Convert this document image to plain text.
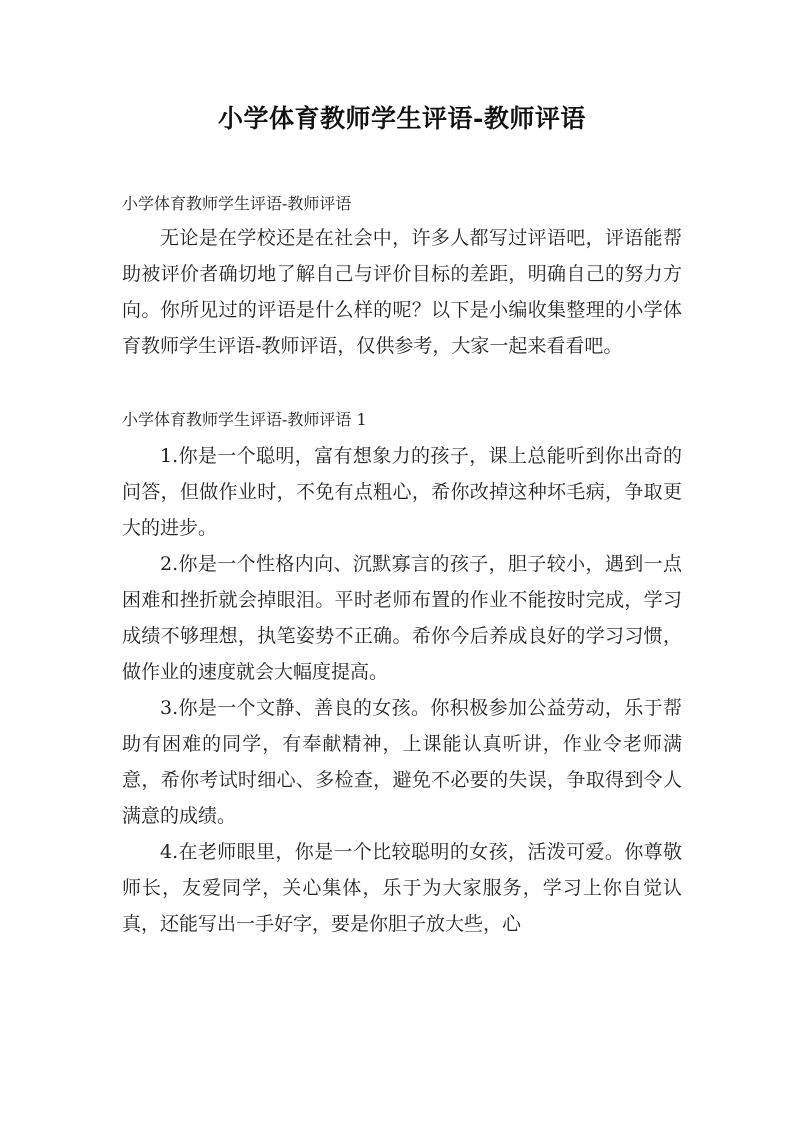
小学体育教师学生评语-教师评语

小学体育教师学生评语-教师评语

无论是在学校还是在社会中，许多人都写过评语吧，评语能帮助被评价者确切地了解自己与评价目标的差距，明确自己的努力方向。你所见过的评语是什么样的呢？以下是小编收集整理的小学体育教师学生评语-教师评语，仅供参考，大家一起来看看吧。

小学体育教师学生评语-教师评语 1

1.你是一个聪明，富有想象力的孩子，课上总能听到你出奇的问答，但做作业时，不免有点粗心，希你改掉这种坏毛病，争取更大的进步。

2.你是一个性格内向、沉默寡言的孩子，胆子较小，遇到一点困难和挫折就会掉眼泪。平时老师布置的作业不能按时完成，学习成绩不够理想，执笔姿势不正确。希你今后养成良好的学习习惯，做作业的速度就会大幅度提高。

3.你是一个文静、善良的女孩。你积极参加公益劳动，乐于帮助有困难的同学，有奉献精神，上课能认真听讲，作业令老师满意，希你考试时细心、多检查，避免不必要的失误，争取得到令人满意的成绩。

4.在老师眼里，你是一个比较聪明的女孩，活泼可爱。你尊敬师长，友爱同学，关心集体，乐于为大家服务，学习上你自觉认真，还能写出一手好字，要是你胆子放大些，心
